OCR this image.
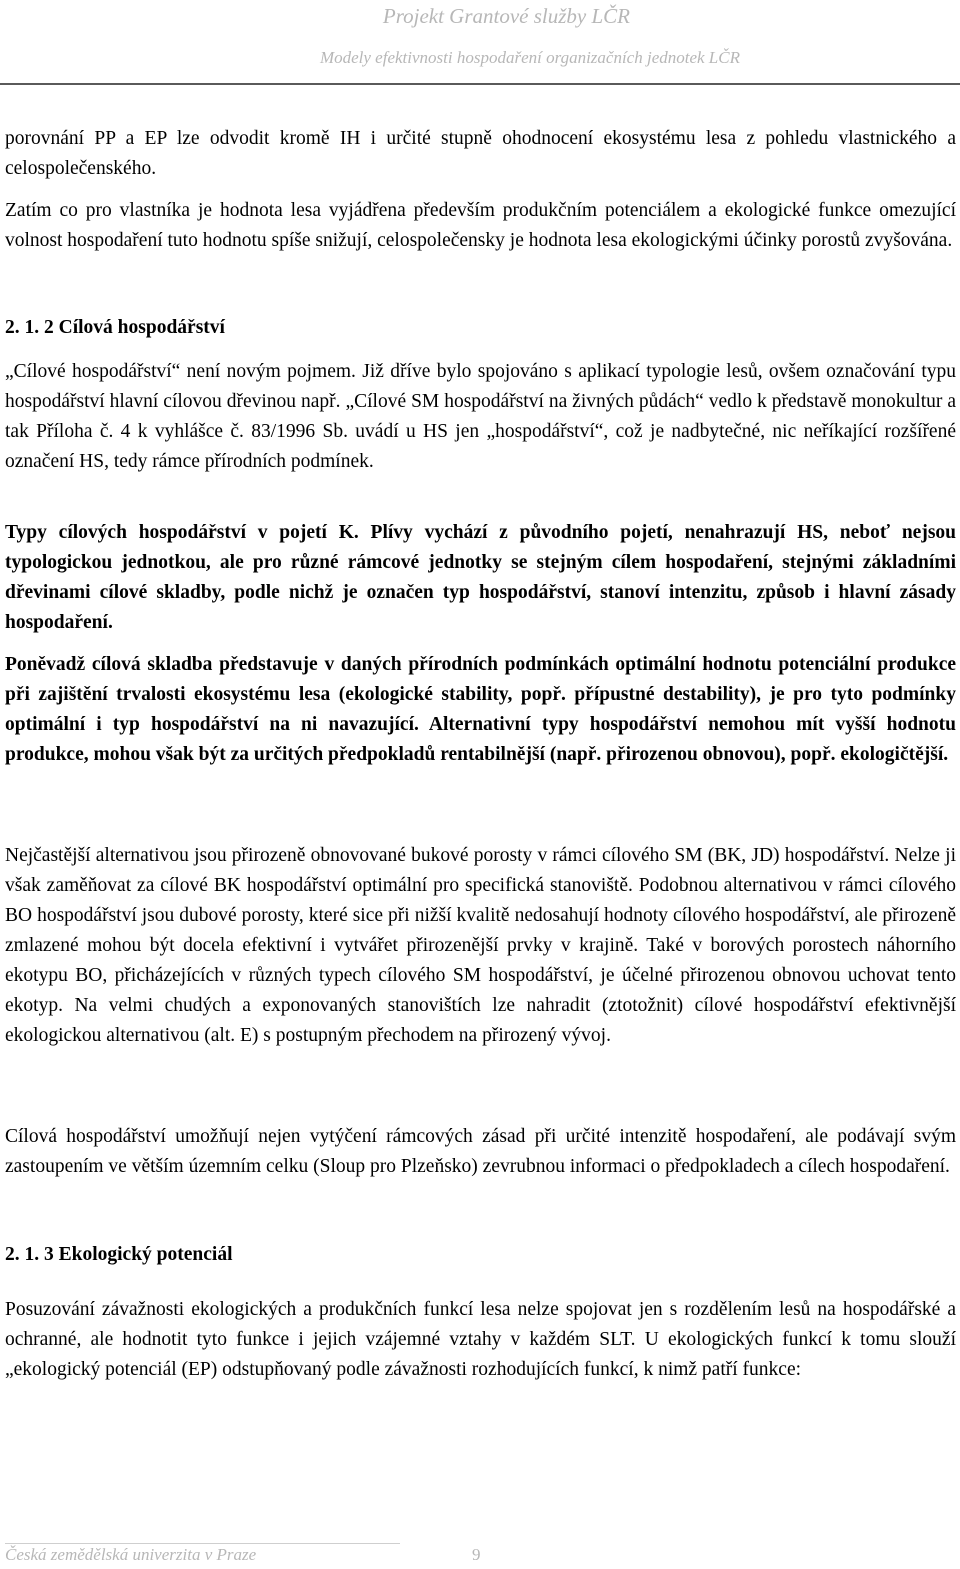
Projekt Grantové služby LČR
Modely efektivnosti hospodaření organizačních jednotek LČR

porovnání PP a EP lze odvodit kromě IH i určité stupně ohodnocení ekosystému lesa z pohledu vlastnického a celospolečenského.

Zatím co pro vlastníka je hodnota lesa vyjádřena především produkčním potenciálem a ekologické funkce omezující volnost hospodaření tuto hodnotu spíše snižují, celospolečensky je hodnota lesa ekologickými účinky porostů zvyšována.

2. 1. 2 Cílová hospodářství

„Cílové hospodářství“ není novým pojmem. Již dříve bylo spojováno s aplikací typologie lesů, ovšem označování typu hospodářství hlavní cílovou dřevinou např. „Cílové SM hospodářství na živných půdách“ vedlo k představě monokultur a tak Příloha č. 4 k vyhlášce č. 83/1996 Sb. uvádí u HS jen „hospodářství“, což je nadbytečné, nic neříkající rozšířené označení HS, tedy rámce přírodních podmínek.

Typy cílových hospodářství v pojetí K. Plívy vychází z původního pojetí, nenahrazují HS, neboť nejsou typologickou jednotkou, ale pro různé rámcové jednotky se stejným cílem hospodaření, stejnými základními dřevinami cílové skladby, podle nichž je označen typ hospodářství, stanoví intenzitu, způsob i hlavní zásady hospodaření.

Poněvadž cílová skladba představuje v daných přírodních podmínkách optimální hodnotu potenciální produkce při zajištění trvalosti ekosystému lesa (ekologické stability, popř. přípustné destability), je pro tyto podmínky optimální i typ hospodářství na ni navazující. Alternativní typy hospodářství nemohou mít vyšší hodnotu produkce, mohou však být za určitých předpokladů rentabilnější (např. přirozenou obnovou), popř. ekologičtější.

Nejčastější alternativou jsou přirozeně obnovované bukové porosty v rámci cílového SM (BK, JD) hospodářství. Nelze ji však zaměňovat za cílové BK hospodářství optimální pro specifická stanoviště. Podobnou alternativou v rámci cílového BO hospodářství jsou dubové porosty, které sice při nižší kvalitě nedosahují hodnoty cílového hospodářství, ale přirozeně zmlazené mohou být docela efektivní i vytvářet přirozenější prvky v krajině. Také v borových porostech náhorního ekotypu BO, přicházejících v různých typech cílového SM hospodářství, je účelné přirozenou obnovou uchovat tento ekotyp. Na velmi chudých a exponovaných stanovištích lze nahradit (ztotožnit) cílové hospodářství efektivnější ekologickou alternativou (alt. E) s postupným přechodem na přirozený vývoj.

Cílová hospodářství umožňují nejen vytýčení rámcových zásad při určité intenzitě hospodaření, ale podávají svým zastoupením ve větším územním celku (Sloup pro Plzeňsko) zevrubnou informaci o předpokladech a cílech hospodaření.

2. 1. 3 Ekologický potenciál

Posuzování závažnosti ekologických a produkčních funkcí lesa nelze spojovat jen s rozdělením lesů na hospodářské a ochranné, ale hodnotit tyto funkce i jejich vzájemné vztahy v každém SLT. U ekologických funkcí k tomu slouží „ekologický potenciál (EP) odstupňovaný podle závažnosti rozhodujících funkcí, k nimž patří funkce:

Česká zemědělská univerzita v Praze	9
